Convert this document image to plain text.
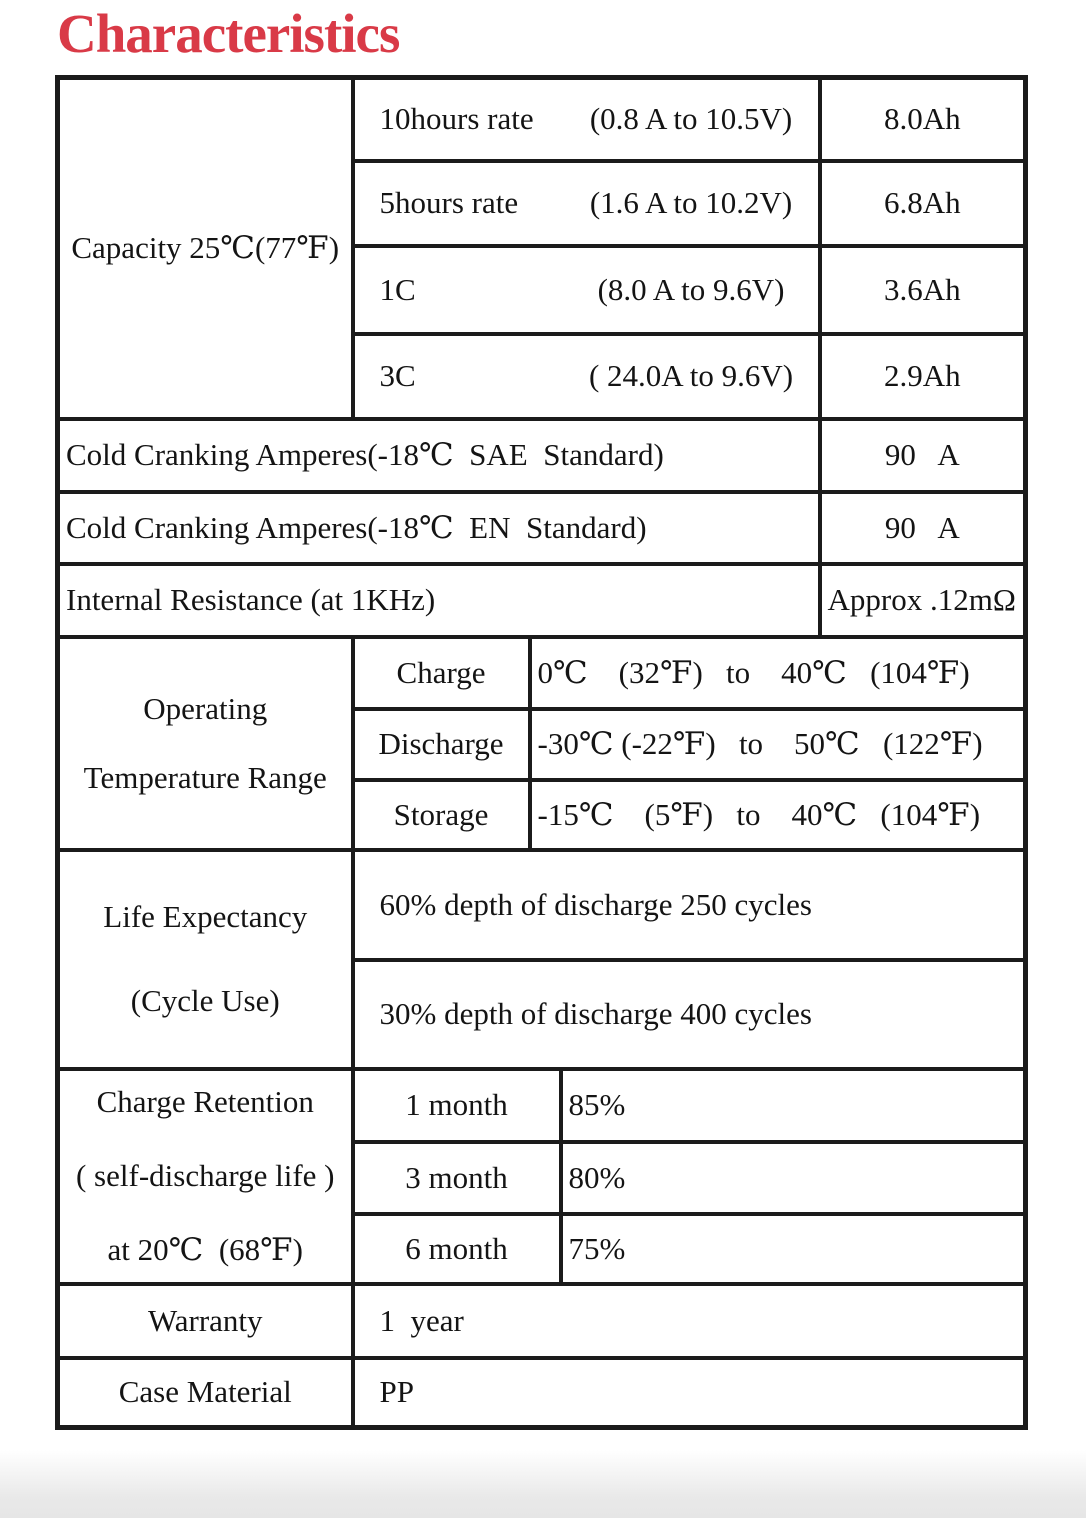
Characteristics
Capacity 25℃(77℉)	10hours rate (0.8 A to 10.5V)			8.0Ah

	5hours rate (1.6 A to 10.2V)			6.8Ah

	1C (8.0 A to 9.6V)			3.6Ah

	3C ( 24.0A to 9.6V)			2.9Ah
Cold Cranking Amperes(-18℃  SAE  Standard)				90   A
Cold Cranking Amperes(-18℃  EN  Standard)				90   A
Internal Resistance (at 1KHz)				Approx .12mΩ

Operating
Temperature Range	Charge	0℃    (32℉)   to    40℃   (104℉)		
	Discharge	-30℃ (-22℉)   to    50℃   (122℉)		
	Storage	-15℃    (5℉)   to    40℃   (104℉)		

Life Expectancy
(Cycle Use)	60% depth of discharge 250 cycles			
	30% depth of discharge 400 cycles			

Charge Retention
( self-discharge life )
at 20℃  (68℉)	1 month		85%	
	3 month		80%	
	6 month		75%	
Warranty	1  year			
Case Material	PP			
